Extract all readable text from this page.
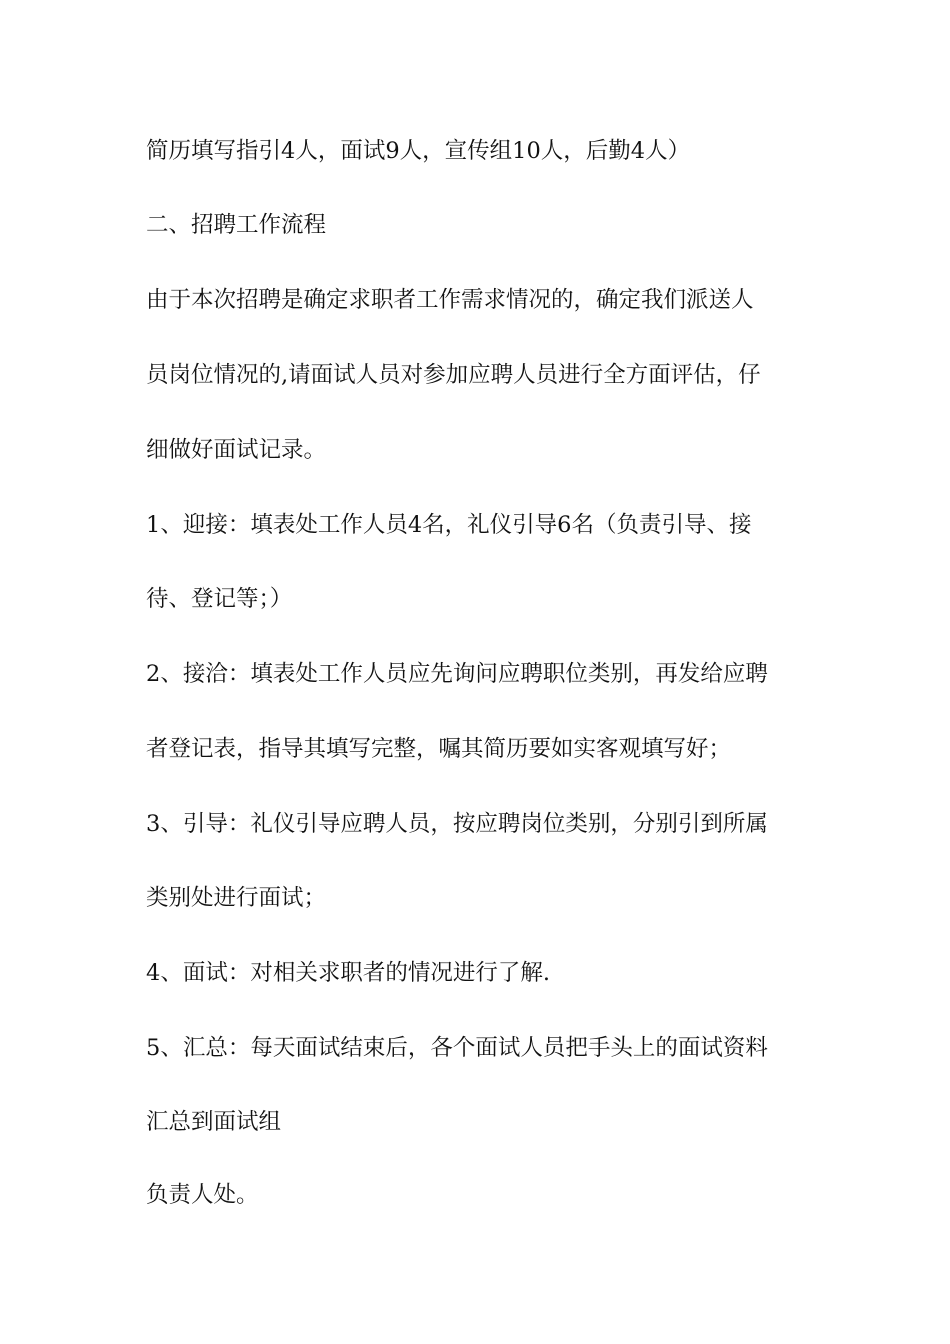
简历填写指引4人，面试9人，宣传组10人，后勤4人）

二、招聘工作流程

由于本次招聘是确定求职者工作需求情况的，确定我们派送人

员岗位情况的,请面试人员对参加应聘人员进行全方面评估，仔

细做好面试记录。

1、迎接：填表处工作人员4名，礼仪引导6名（负责引导、接

待、登记等；）

2、接洽：填表处工作人员应先询问应聘职位类别，再发给应聘

者登记表，指导其填写完整，嘱其简历要如实客观填写好；

3、引导：礼仪引导应聘人员，按应聘岗位类别，分别引到所属

类别处进行面试；

4、面试：对相关求职者的情况进行了解.

5、汇总：每天面试结束后，各个面试人员把手头上的面试资料

汇总到面试组

负责人处。
